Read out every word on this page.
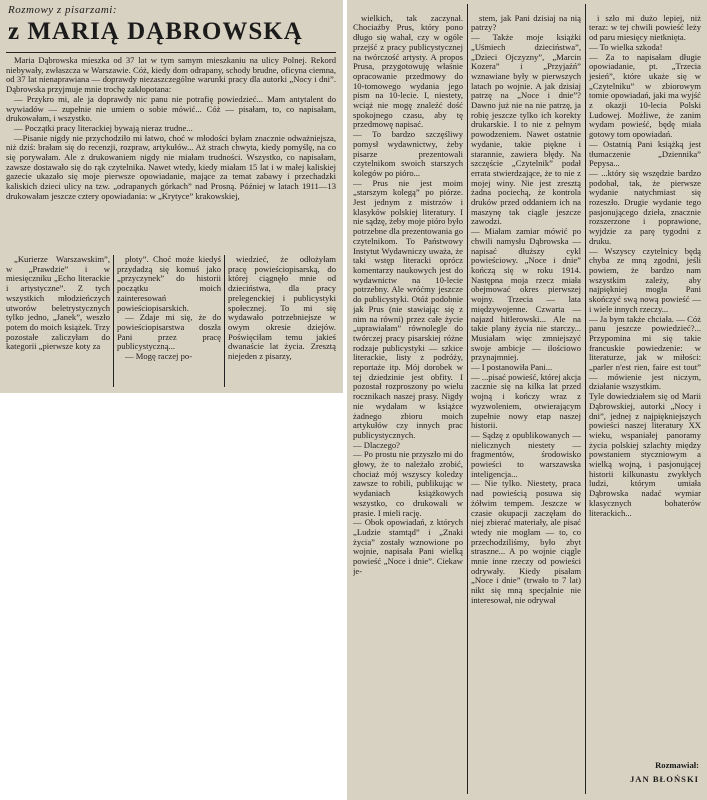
Rozmowy z pisarzami:
z MARIĄ DĄBROWSKĄ

Maria Dąbrowska mieszka od 37 lat w tym samym mieszkaniu na ulicy Polnej. Rekord niebywały, zwłaszcza w Warszawie. Cóż, kiedy dom odrapany, schody brudne, oficyna ciemna, od 37 lat nienaprawiana — doprawdy niezaszczególne warunki pracy dla autorki „Nocy i dni”. Dąbrowska przyjmuje mnie trochę zakłopotana:

— Przykro mi, ale ja doprawdy nic panu nie potrafię powiedzieć... Mam antytalent do wywiadów — zupełnie nie umiem o sobie mówić... Cóż — pisałam, to, co napisałam, drukowałam, i wszystko.

— Początki pracy literackiej bywają nieraz trudne...

—Pisanie nigdy nie przychodziło mi łatwo, choć w młodości byłam znacznie odważniejsza, niż dziś: brałam się do recenzji, rozpraw, artykułów... Aż strach chwyta, kiedy pomyślę, na co się porywałam. Ale z drukowaniem nigdy nie miałam trudności. Wszystko, co napisałam, zawsze dostawało się do rąk czytelnika. Nawet wtedy, kiedy miałam 15 lat i w małej kaliskiej gazecie ukazało się moje pierwsze opowiadanie, mające za temat zabawy i przechadzki kaliskich dzieci ulicy na tzw. „odrapanych górkach” nad Prosną. Później w latach 1911—13 drukowałam jeszcze cztery opowiadania: w „Krytyce” krakowskiej,

„Kurierze Warszawskim”, w „Prawdzie” i w miesięczniku „Echo literackie i artystyczne”. Z tych wszystkich młodzieńczych utworów beletrystycznych tylko jedno, „Janek”, weszło potem do moich książek. Trzy pozostałe zaliczyłam do kategorii „pierwsze koty za

płoty”. Choć może kiedyś przydadzą się komuś jako „przyczynek” do historii początku moich zainteresowań powieściopisarskich.

— Zdaje mi się, że do powieściopisarstwa doszła Pani przez pracę publicystyczną...

— Mogę raczej po-

wiedzieć, że odłożyłam pracę powieściopisarską, do której ciągnęło mnie od dzieciństwa, dla pracy prelegenckiej i publicystyki społecznej. To mi się wydawało potrzebniejsze w owym okresie dziejów. Poświęciłam temu jakieś dwanaście lat życia. Zresztą niejeden z pisarzy,

wielkich, tak zaczynał. Chociażby Prus, który pono długo się wahał, czy w ogóle przejść z pracy publicystycznej na twórczość artysty. A propos Prusa, przygotowuję właśnie opracowanie przedmowy do 10-tomowego wydania jego pism na 10-lecie. I, niestety, wciąż nie mogę znaleźć dość spokojnego czasu, aby tę przedmowę napisać.
— To bardzo szczęśliwy pomysł wydawnictwy, żeby pisarze prezentowali czytelnikom swoich starszych kolegów po pióro...
— Prus nie jest moim „starszym kolegą” po piórze. Jest jednym z mistrzów i klasyków polskiej literatury. I nie sądzę, żeby moje pióro było potrzebne dla prezentowania go czytelnikom. To Państwowy Instytut Wydawniczy uważa, że taki wstęp literacki oprócz komentarzy naukowych jest do wydawnictw na 10-lecie potrzebny. Ale wróćmy jeszcze do publicystyki. Otóż podobnie jak Prus (nie stawiając się z nim na równi) przez całe życie „uprawiałam” równolegle do twórczej pracy pisarskiej różne rodzaje publicystyki — szkice literackie, listy z podróży, reportaże itp. Mój dorobek w tej dziedzinie jest obfity. I pozostał rozproszony po wielu rocznikach naszej prasy. Nigdy nie wydałam w książce żadnego zbioru moich artykułów czy innych prac publicystycznych.
— Dlaczego?
— Po prostu nie przyszło mi do głowy, że to należało zrobić, chociaż mój wszyscy koledzy zawsze to robili, publikując w wydaniach książkowych wszystko, co drukowali w prasie. I mieli rację.
— Obok opowiadań, z których „Ludzie stamtąd” i „Znaki życia” zostały wznowione po wojnie, napisała Pani wielką powieść „Noce i dnie”. Ciekaw je-

stem, jak Pani dzisiaj na nią patrzy?
— Także moje książki „Uśmiech dzieciństwa”, „Dzieci Ojczyzny”, „Marcin Kozera” i „Przyjaźń” wznawiane były w pierwszych latach po wojnie. A jak dzisiaj patrzę na „Noce i dnie”? Dawno już nie na nie patrzę, ja robię jeszcze tylko ich korekty drukarskie. I to nie z pełnym powodzeniem. Nawet ostatnie wydanie, takie piękne i starannie, zawiera błędy. Na szczęście „Czytelnik” podał errata stwierdzające, że to nie z mojej winy. Nie jest zresztą żadna pociechą, że kontrola druków przed oddaniem ich na maszynę tak ciągle jeszcze zawodzi.
— Miałam zamiar mówić po chwili namysłu Dąbrowska — napisać dłuższy cykl powieściowy. „Noce i dnie” kończą się w roku 1914. Następna moja rzecz miała obejmować okres pierwszej wojny. Trzecia — lata międzywojenne. Czwarta — najazd hitlerowski... Ale na takie plany życia nie starczy... Musiałam więc zmniejszyć swoje ambicje — ilościowo przynajmniej.
— I postanowiła Pani...
— ...pisać powieść, której akcja zacznie się na kilka lat przed wojną i kończy wraz z wyzwoleniem, otwierającym zupełnie nowy etap naszej historii.
— Sądzę z opublikowanych — nielicznych niestety — fragmentów, środowisko powieści to warszawska inteligencja...
— Nie tylko. Niestety, praca nad powieścią posuwa się żółwim tempem. Jeszcze w czasie okupacji zaczęłam do niej zbierać materiały, ale pisać wtedy nie mogłam — to, co przechodziliśmy, było zbyt straszne... A po wojnie ciągle mnie inne rzeczy od powieści odrywały. Kiedy pisałam „Noce i dnie” (trwało to 7 lat) nikt się mną specjalnie nie interesował, nie odrywał

i szło mi dużo lepiej, niż teraz: w tej chwili powieść leży od paru miesięcy nietknięta.
— To wielka szkoda!
— Za to napisałam długie opowiadanie, pt. „Trzecia jesień”, które ukaże się w „Czytelniku” w zbiorowym tomie opowiadań, jaki ma wyjść z okazji 10-lecia Polski Ludowej. Możliwe, że zanim wydam powieść, będę miała gotowy tom opowiadań.
— Ostatnią Pani książką jest tłumaczenie „Dziennika” Pepysa...
— ...który się wszędzie bardzo podobał, tak, że pierwsze wydanie natychmiast się rozeszło. Drugie wydanie tego pasjonującego dzieła, znacznie rozszerzone i poprawione, wyjdzie za parę tygodni z druku.
— Wszyscy czytelnicy będą chyba ze mną zgodni, jeśli powiem, że bardzo nam wszystkim zależy, aby najpiękniej mogła Pani skończyć swą nową powieść — i wiele innych rzeczy...
— Ja bym także chciała. — Cóż panu jeszcze powiedzieć?... Przypomina mi się takie francuskie powiedzenie: w literaturze, jak w miłości: „parler n'est rien, faire est tout” — mówienie jest niczym, działanie wszystkim.
Tyle dowiedziałem się od Marii Dąbrowskiej, autorki „Nocy i dni”, jednej z najpiękniejszych powieści naszej literatury XX wieku, wspaniałej panoramy życia polskiej szlachty między powstaniem styczniowym a wielką wojną, i pasjonującej historii kilkunastu zwykłych ludzi, którym umiała Dąbrowska nadać wymiar klasycznych bohaterów literackich...

Rozmawiał:
JAN BŁOŃSKI
